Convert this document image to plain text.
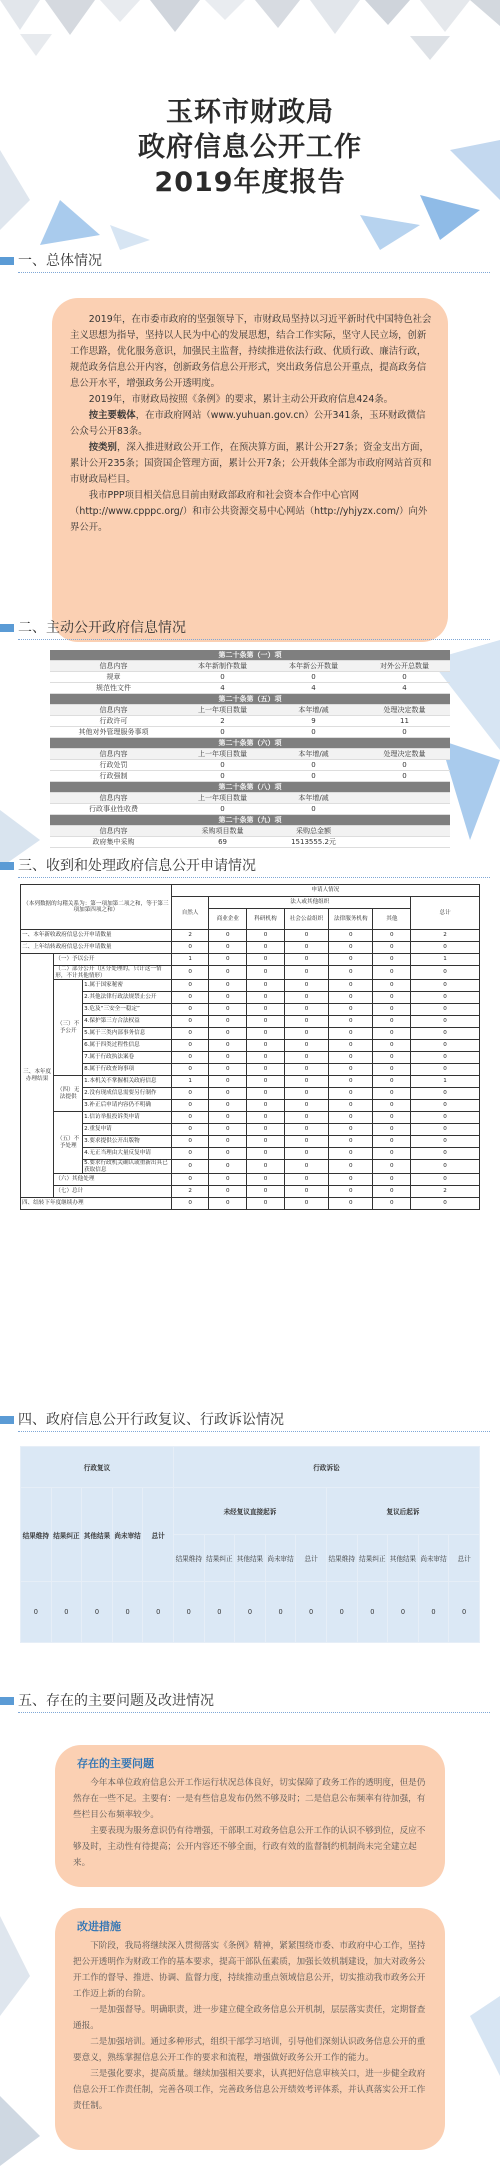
玉环市财政局
政府信息公开工作
2019年度报告
一、总体情况

2019年，在市委市政府的坚强领导下，市财政局坚持以习近平新时代中国特色社会主义思想为指导，坚持以人民为中心的发展思想，结合工作实际，坚守人民立场，创新工作思路，优化服务意识，加强民主监督，持续推进依法行政、优质行政、廉洁行政，规范政务信息公开内容，创新政务信息公开形式，突出政务信息公开重点，提高政务信息公开水平，增强政务公开透明度。

2019年，市财政局按照《条例》的要求，累计主动公开政府信息424条。

按主要载体，在市政府网站（www.yuhuan.gov.cn）公开341条，玉环财政微信公众号公开83条。

按类别，深入推进财政公开工作，在预决算方面，累计公开27条；资金支出方面，累计公开235条；国资国企管理方面，累计公开7条；公开载体全部为市政府网站首页和市财政局栏目。

我市PPP项目相关信息目前由财政部政府和社会资本合作中心官网（http://www.cpppc.org/）和市公共资源交易中心网站（http://yhjyzx.com/）向外界公开。

二、主动公开政府信息情况
第二十条第（一）项			
信息内容	本年新制作数量	本年新公开数量	对外公开总数量
规章	0	0	0
规范性文件	4	4	4
第二十条第（五）项			
信息内容	上一年项目数量	本年增/减	处理决定数量
行政许可	2	9	11
其他对外管理服务事项	0	0	0
第二十条第（六）项			
信息内容	上一年项目数量	本年增/减	处理决定数量
行政处罚	0	0	0
行政强制	0	0	0
第二十条第（八）项			
信息内容	上一年项目数量	本年增/减	
行政事业性收费	0	0	
第二十条第（九）项			
信息内容	采购项目数量	采购总金额	
政府集中采购	69	1513555.2元	
三、收到和处理政府信息公开申请情况
（本列数据的勾稽关系为：第一项加第二项之和，等于第三项加第四项之和）			申请人情况						
			自然人	法人或其他组织					总计
				商业企业	科研机构	社会公益组织	法律服务机构	其他	
一、本年新收政府信息公开申请数量			2	0	0	0	0	0	2
二、上年结转政府信息公开申请数量			0	0	0	0	0	0	0
三、本年度办理结果	（一）予以公开		1	0	0	0	0	0	1
	（二）部分公开（区分处理的，只计这一情形，不计其他情形）		0	0	0	0	0	0	0
	（三）不予公开	1.属于国家秘密	0	0	0	0	0	0	0
		2.其他法律行政法规禁止公开	0	0	0	0	0	0	0
		3.危及“三安全一稳定”	0	0	0	0	0	0	0
		4.保护第三方合法权益	0	0	0	0	0	0	0
		5.属于三类内部事务信息	0	0	0	0	0	0	0
		6.属于四类过程性信息	0	0	0	0	0	0	0
		7.属于行政执法案卷	0	0	0	0	0	0	0
		8.属于行政查询事项	0	0	0	0	0	0	0
	（四）无法提供	1.本机关不掌握相关政府信息	1	0	0	0	0	0	1
		2.没有现成信息需要另行制作	0	0	0	0	0	0	0
		3.补正后申请内容仍不明确	0	0	0	0	0	0	0
	（五）不予处理	1.信访举报投诉类申请	0	0	0	0	0	0	0
		2.重复申请	0	0	0	0	0	0	0
		3.要求提供公开出版物	0	0	0	0	0	0	0
		4.无正当理由大量反复申请	0	0	0	0	0	0	0
		5.要求行政机关确认或重新出具已获取信息	0	0	0	0	0	0	0
	（六）其他处理		0	0	0	0	0	0	0
	（七）总计		2	0	0	0	0	0	2
四、结转下年度继续办理			0	0	0	0	0	0	0
四、政府信息公开行政复议、行政诉讼情况
行政复议					行政诉讼									
结果维持	结果纠正	其他结果	尚未审结	总计	未经复议直接起诉					复议后起诉				
					结果维持	结果纠正	其他结果	尚未审结	总计	结果维持	结果纠正	其他结果	尚未审结	总计
0	0	0	0	0	0	0	0	0	0	0	0	0	0	0
五、存在的主要问题及改进情况
存在的主要问题

今年本单位政府信息公开工作运行状况总体良好，切实保障了政务工作的透明度，但是仍然存在一些不足。主要有：一是有些信息发布仍然不够及时；二是信息公布频率有待加强，有些栏目公布频率较少。

主要表现为服务意识仍有待增强，干部职工对政务信息公开工作的认识不够到位，反应不够及时，主动性有待提高；公开内容还不够全面，行政有效的监督制约机制尚未完全建立起来。

改进措施

下阶段，我局将继续深入贯彻落实《条例》精神，紧紧围绕市委、市政府中心工作，坚持把公开透明作为财政工作的基本要求，提高干部队伍素质，加强长效机制建设，加大对政务公开工作的督导、推进、协调、监督力度，持续推动重点领域信息公开，切实推动我市政务公开工作迈上新的台阶。

一是加强督导。明确职责，进一步建立健全政务信息公开机制，层层落实责任，定期督查通报。

二是加强培训。通过多种形式，组织干部学习培训，引导他们深刻认识政务信息公开的重要意义，熟练掌握信息公开工作的要求和流程，增强做好政务公开工作的能力。

三是强化要求，提高质量。继续加强相关要求，认真把好信息审核关口，进一步健全政府信息公开工作责任制，完善各项工作，完善政务信息公开绩效考评体系，并认真落实公开工作责任制。
